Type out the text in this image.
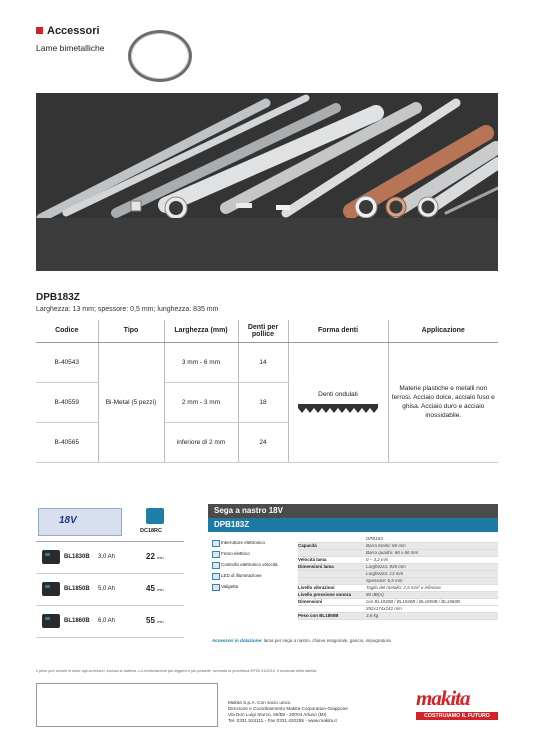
Accessori
Lame bimetalliche
DPB183Z
Larghezza: 13 mm; spessore: 0,5 mm; lunghezza: 835 mm
Codice	Tipo	Larghezza (mm)	Denti per pollice	Forma denti	Applicazione
B-40543	Bi-Metal (5 pezzi)	3 mm - 6 mm	14	Denti ondulati	Materie plastiche e metalli non ferrosi. Acciaio dolce, acciaio fuso e ghisa. Acciaio duro e acciaio inossidabile.
B-40559		2 mm - 3 mm	18		
B-40565		inferiore di 2 mm	24		
18V
DC18RC
BL1830B 3,0 Ah	22 min
BL1850B 5,0 Ah	45 min
BL1860B 6,0 Ah	55 min
Sega a nastro 18V
DPB183Z
Interruttore elettronico
Freno elettrico
Controllo elettronico velocità
LED di illuminazione
Valigetta
DPB183
Capacità	Barra tondo: 66 mm
Barra quadro: 66 x 66 mm
Velocità lama	0 – 3,2 m/s
Dimensioni lama	Larghezza: 835 mm
Larghezza: 13 mm
Spessore: 0,5 mm
Livello vibrazioni	Taglio del metallo: 2,5 m/s² o inferiore
Livello pressione sonora	80 dB(A)
Dimensioni	con BL1830B / BL1840B / BL1850B / BL1860B
392x174x242 mm
Peso con BL1850B	3,6 kg
Accessori in dotazione: lama per sega a nastro, chiave esagonale, gancio, impugnatura
Il peso può variare in base agli accessori, inclusa la batteria. La combinazione più leggera e più pesante, secondo la procedura EPTA 01/2014, è mostrata nella tabella.
Makita S.p.A. Con socio unico
Direzione e Coordinamento Makita Corporation-Giappone
Via Don Luigi Sturzo, 56/58 - 20004 Arluno (MI)
Tel. 0331 524111 - Fax 0331 420285 - www.makita.it
makita
COSTRUIAMO IL FUTURO
